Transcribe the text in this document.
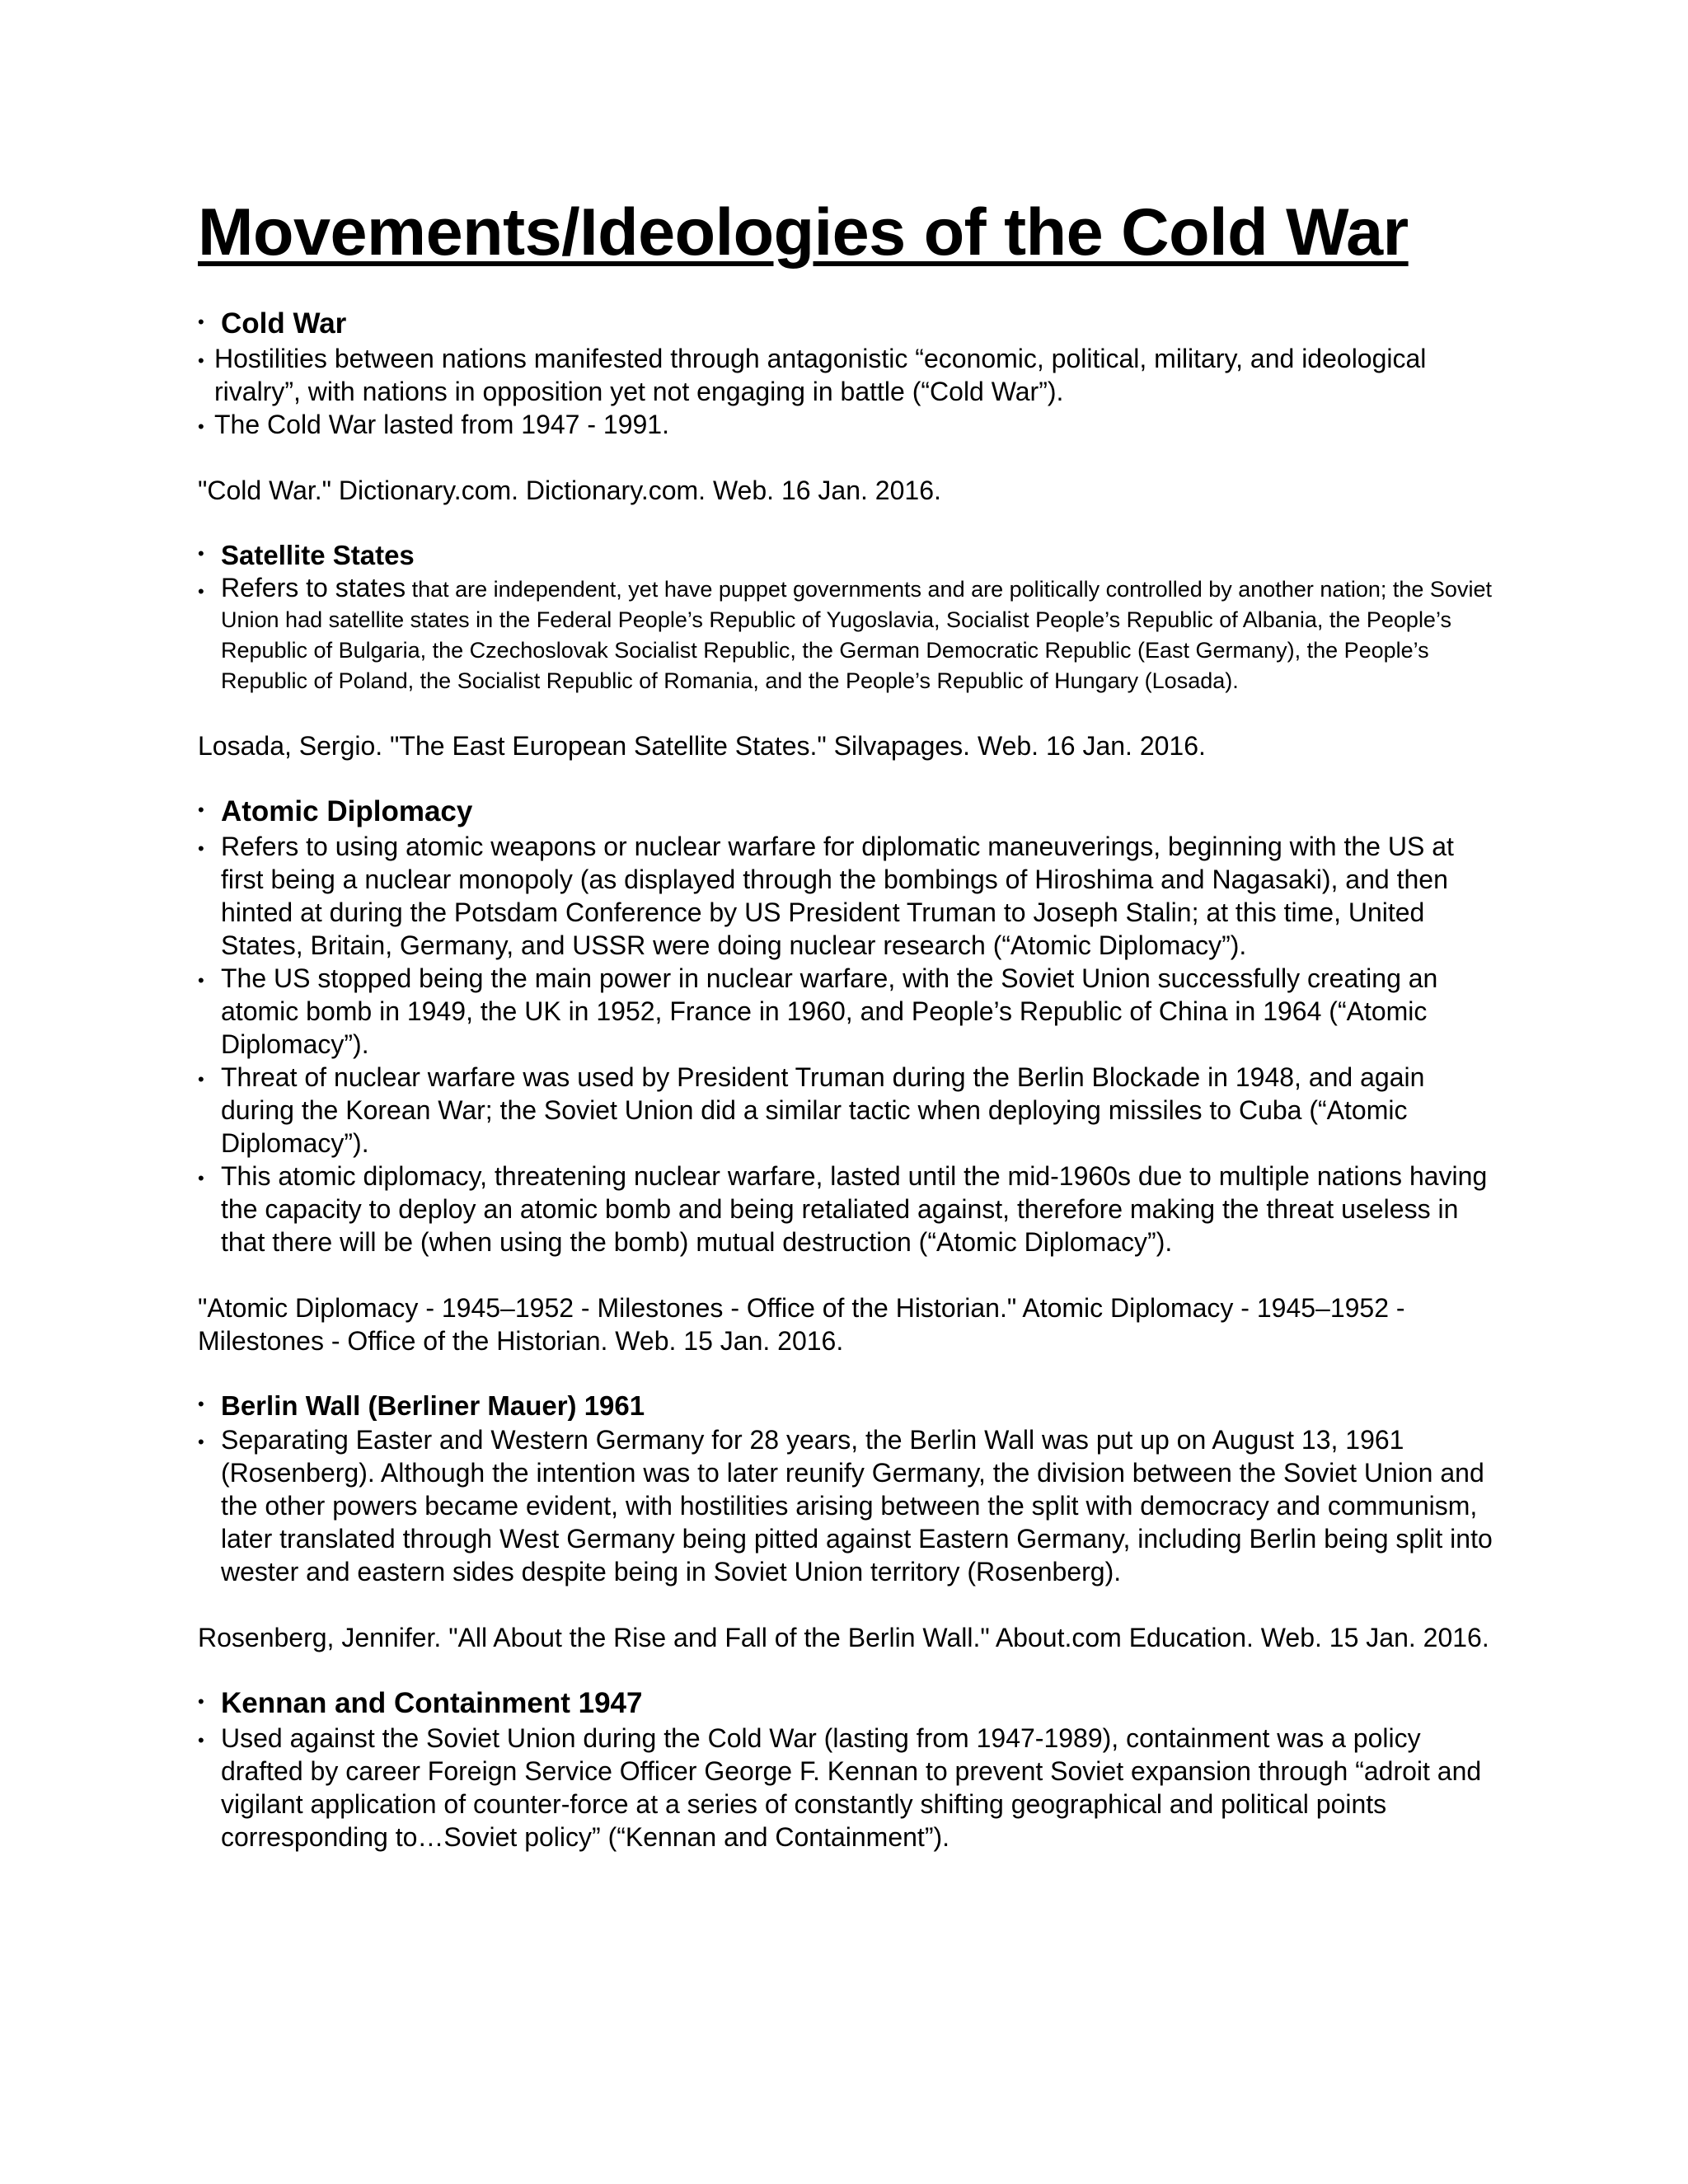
Movements/Ideologies of the Cold War
• Cold War
• Hostilities between nations manifested through antagonistic “economic, political, military, and ideological rivalry”, with nations in opposition yet not engaging in battle (“Cold War”).
• The Cold War lasted from 1947 - 1991.

"Cold War." Dictionary.com. Dictionary.com. Web. 16 Jan. 2016.

• Satellite States
• Refers to states that are independent, yet have puppet governments and are politically controlled by another nation; the Soviet Union had satellite states in the Federal People’s Republic of Yugoslavia, Socialist People’s Republic of Albania, the People’s Republic of Bulgaria, the Czechoslovak Socialist Republic, the German Democratic Republic (East Germany), the People’s Republic of Poland, the Socialist Republic of Romania, and the People’s Republic of Hungary (Losada).

Losada, Sergio. "The East European Satellite States." Silvapages. Web. 16 Jan. 2016.

• Atomic Diplomacy
• Refers to using atomic weapons or nuclear warfare for diplomatic maneuverings, beginning with the US at first being a nuclear monopoly (as displayed through the bombings of Hiroshima and Nagasaki), and then hinted at during the Potsdam Conference by US President Truman to Joseph Stalin; at this time, United States, Britain, Germany, and USSR were doing nuclear research (“Atomic Diplomacy”).
• The US stopped being the main power in nuclear warfare, with the Soviet Union successfully creating an atomic bomb in 1949, the UK in 1952, France in 1960, and People’s Republic of China in 1964 (“Atomic Diplomacy”).
• Threat of nuclear warfare was used by President Truman during the Berlin Blockade in 1948, and again during the Korean War; the Soviet Union did a similar tactic when deploying missiles to Cuba (“Atomic Diplomacy”).
• This atomic diplomacy, threatening nuclear warfare, lasted until the mid-1960s due to multiple nations having the capacity to deploy an atomic bomb and being retaliated against, therefore making the threat useless in that there will be (when using the bomb) mutual destruction (“Atomic Diplomacy”).

"Atomic Diplomacy - 1945–1952 - Milestones - Office of the Historian." Atomic Diplomacy - 1945–1952 - Milestones - Office of the Historian. Web. 15 Jan. 2016.

• Berlin Wall (Berliner Mauer) 1961
• Separating Easter and Western Germany for 28 years, the Berlin Wall was put up on August 13, 1961 (Rosenberg). Although the intention was to later reunify Germany, the division between the Soviet Union and the other powers became evident, with hostilities arising between the split with democracy and communism, later translated through West Germany being pitted against Eastern Germany, including Berlin being split into wester and eastern sides despite being in Soviet Union territory (Rosenberg).

Rosenberg, Jennifer. "All About the Rise and Fall of the Berlin Wall." About.com Education. Web. 15 Jan. 2016.

• Kennan and Containment 1947
• Used against the Soviet Union during the Cold War (lasting from 1947-1989), containment was a policy drafted by career Foreign Service Officer George F. Kennan to prevent Soviet expansion through “adroit and vigilant application of counter-force at a series of constantly shifting geographical and political points corresponding to…Soviet policy” (“Kennan and Containment”).
